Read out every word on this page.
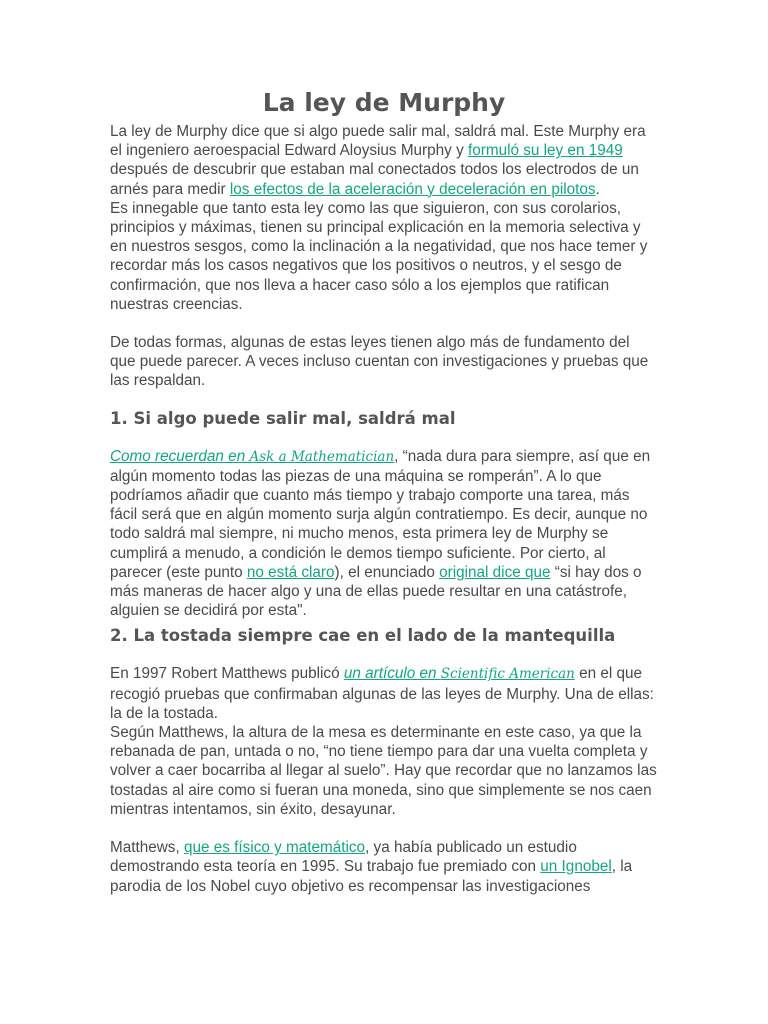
La ley de Murphy

La ley de Murphy dice que si algo puede salir mal, saldrá mal. Este Murphy era el ingeniero aeroespacial Edward Aloysius Murphy y formuló su ley en 1949 después de descubrir que estaban mal conectados todos los electrodos de un arnés para medir los efectos de la aceleración y deceleración en pilotos.

Es innegable que tanto esta ley como las que siguieron, con sus corolarios, principios y máximas, tienen su principal explicación en la memoria selectiva y en nuestros sesgos, como la inclinación a la negatividad, que nos hace temer y recordar más los casos negativos que los positivos o neutros, y el sesgo de confirmación, que nos lleva a hacer caso sólo a los ejemplos que ratifican nuestras creencias.

De todas formas, algunas de estas leyes tienen algo más de fundamento del que puede parecer. A veces incluso cuentan con investigaciones y pruebas que las respaldan.

1. Si algo puede salir mal, saldrá mal

Como recuerdan en Ask a Mathematician, “nada dura para siempre, así que en algún momento todas las piezas de una máquina se romperán”. A lo que podríamos añadir que cuanto más tiempo y trabajo comporte una tarea, más fácil será que en algún momento surja algún contratiempo. Es decir, aunque no todo saldrá mal siempre, ni mucho menos, esta primera ley de Murphy se cumplirá a menudo, a condición le demos tiempo suficiente. Por cierto, al parecer (este punto no está claro), el enunciado original dice que “si hay dos o más maneras de hacer algo y una de ellas puede resultar en una catástrofe, alguien se decidirá por esta".

2. La tostada siempre cae en el lado de la mantequilla

En 1997 Robert Matthews publicó un artículo en Scientific American en el que recogió pruebas que confirmaban algunas de las leyes de Murphy. Una de ellas: la de la tostada.

Según Matthews, la altura de la mesa es determinante en este caso, ya que la rebanada de pan, untada o no, “no tiene tiempo para dar una vuelta completa y volver a caer bocarriba al llegar al suelo”. Hay que recordar que no lanzamos las tostadas al aire como si fueran una moneda, sino que simplemente se nos caen mientras intentamos, sin éxito, desayunar.

Matthews, que es físico y matemático, ya había publicado un estudio demostrando esta teoría en 1995. Su trabajo fue premiado con un Ignobel, la parodia de los Nobel cuyo objetivo es recompensar las investigaciones
